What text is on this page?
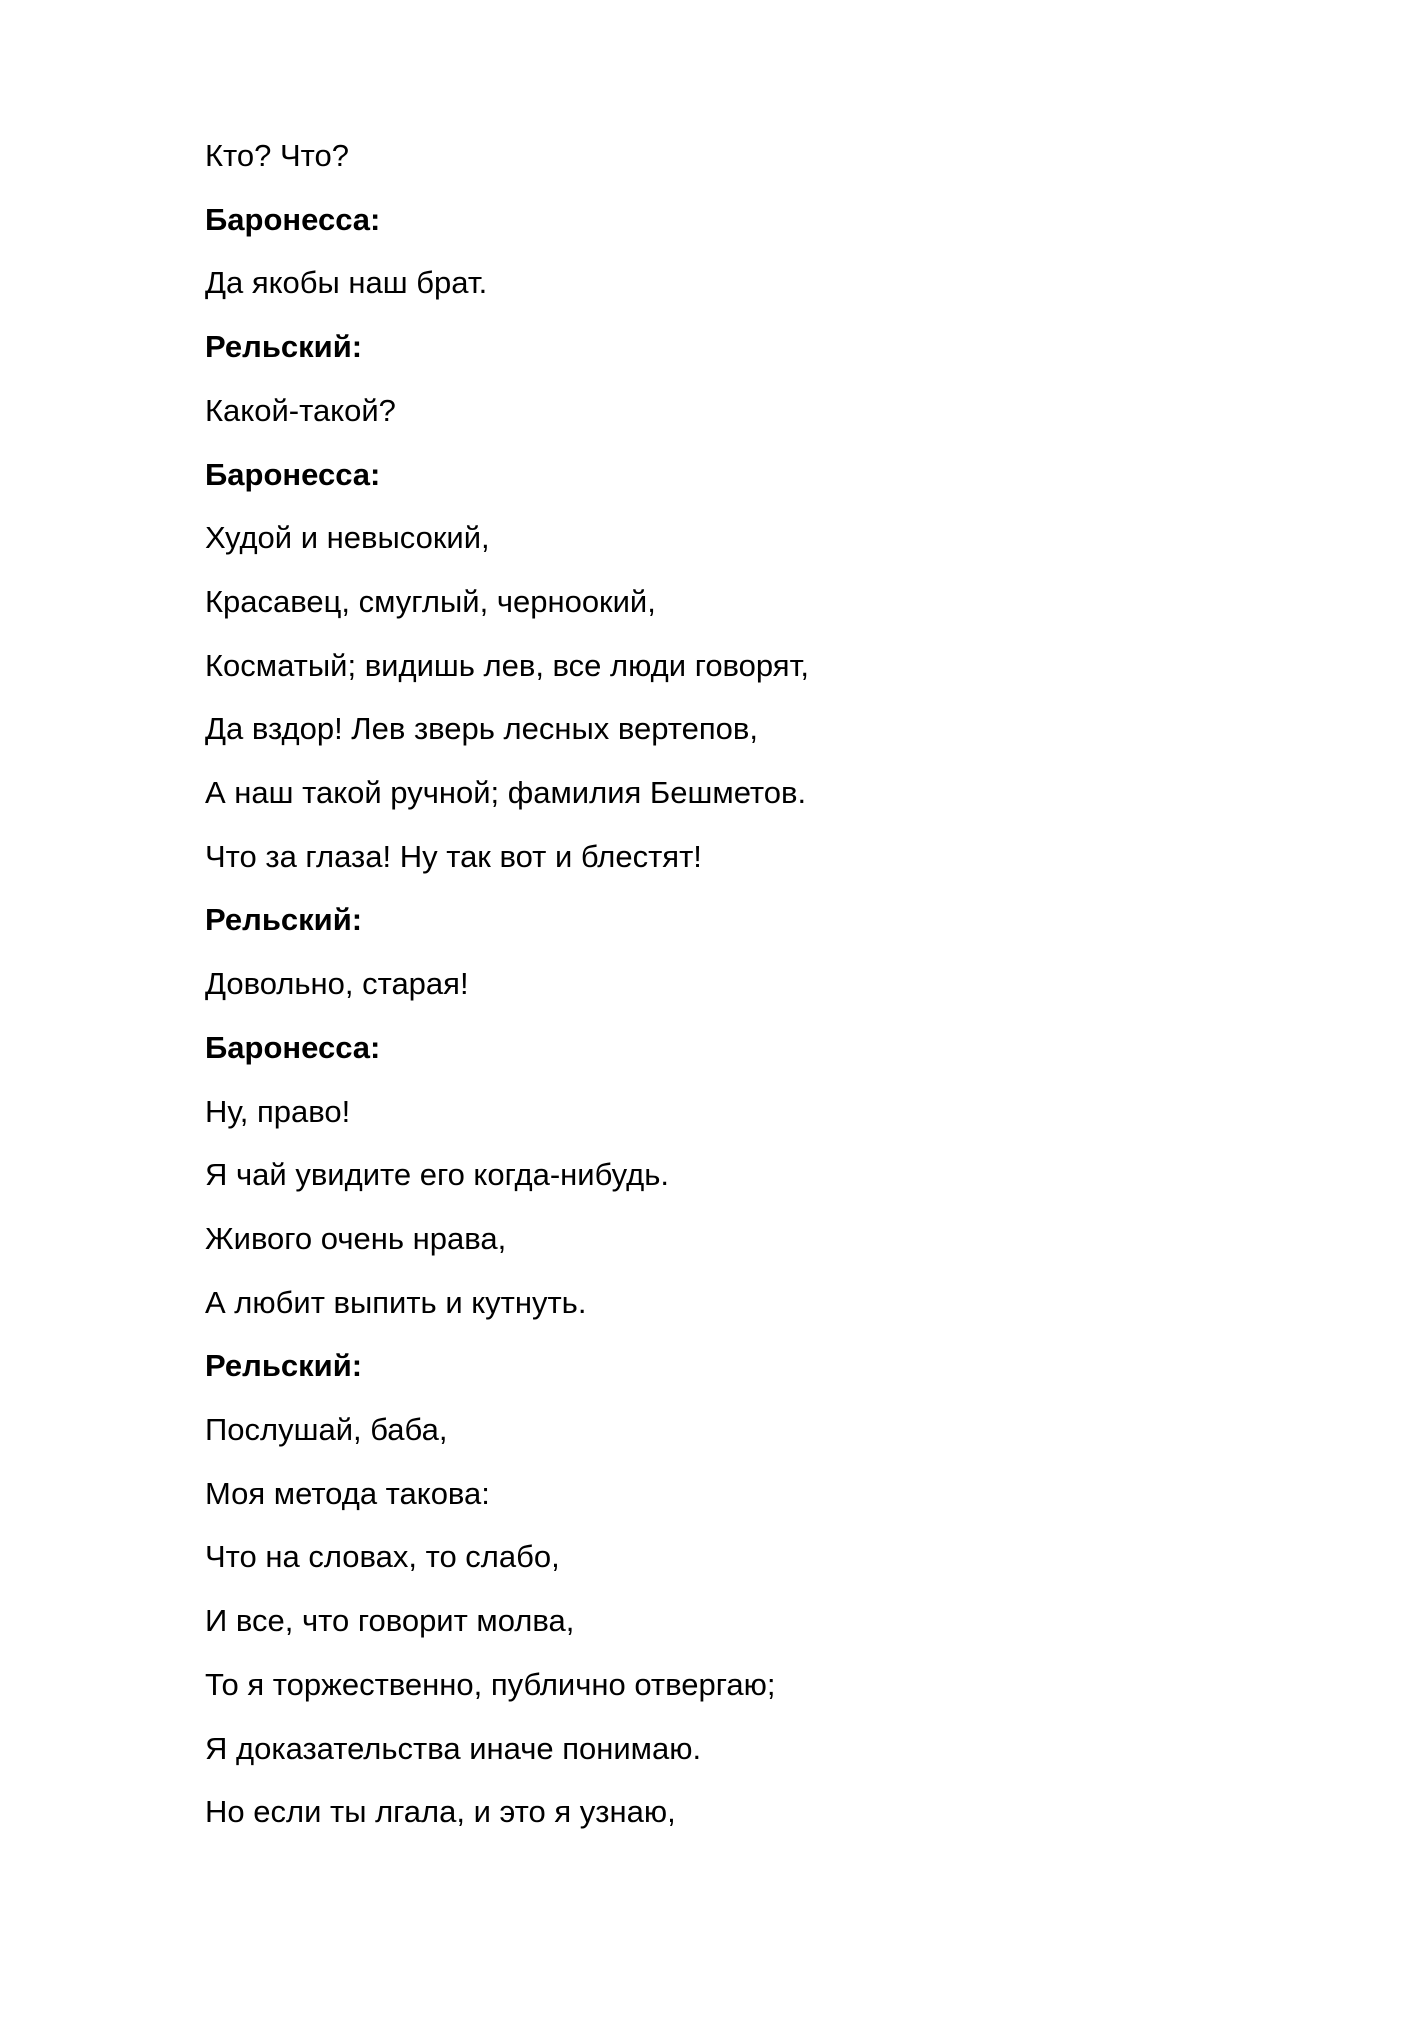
Кто? Что?

Баронесса:

Да якобы наш брат.

Рельский:

Какой-такой?

Баронесса:

Худой и невысокий,

Красавец, смуглый, черноокий,

Косматый; видишь лев, все люди говорят,

Да вздор! Лев зверь лесных вертепов,

А наш такой ручной; фамилия Бешметов.

Что за глаза! Ну так вот и блестят!

Рельский:

Довольно, старая!

Баронесса:

Ну, право!

Я чай увидите его когда-нибудь.

Живого очень нрава,

А любит выпить и кутнуть.

Рельский:

Послушай, баба,

Моя метода такова:

Что на словах, то слабо,

И все, что говорит молва,

То я торжественно, публично отвергаю;

Я доказательства иначе понимаю.

Но если ты лгала, и это я узнаю,
